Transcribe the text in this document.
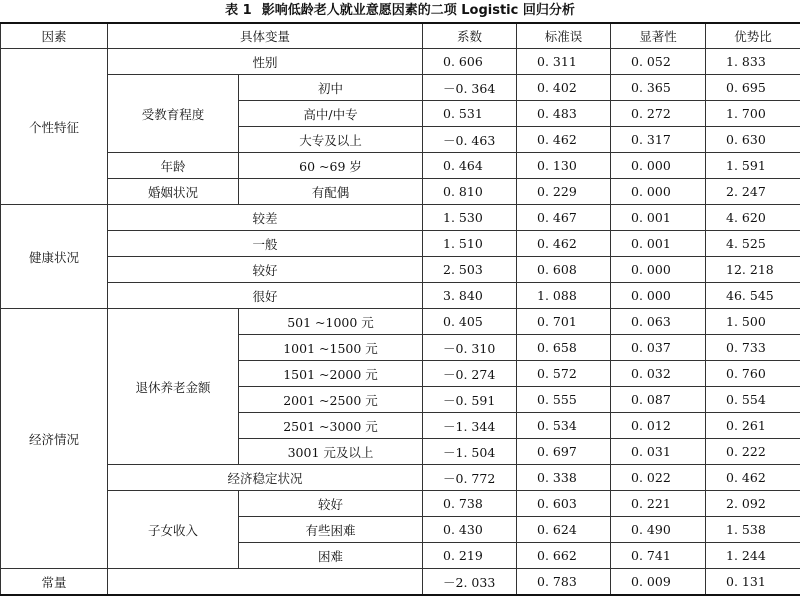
表 1 影响低龄老人就业意愿因素的二项 Logistic 回归分析
因素	具体变量		系数	标准误	显著性	优势比
个性特征	性别		0. 606	0. 311	0. 052	1. 833
	受教育程度	初中	－0. 364	0. 402	0. 365	0. 695
		高中/中专	0. 531	0. 483	0. 272	1. 700
		大专及以上	－0. 463	0. 462	0. 317	0. 630
	年龄	60 ~69 岁	0. 464	0. 130	0. 000	1. 591
	婚姻状况	有配偶	0. 810	0. 229	0. 000	2. 247
健康状况	较差		1. 530	0. 467	0. 001	4. 620
	一般		1. 510	0. 462	0. 001	4. 525
	较好		2. 503	0. 608	0. 000	12. 218
	很好		3. 840	1. 088	0. 000	46. 545
经济情况	退休养老金额	501 ~1000 元	0. 405	0. 701	0. 063	1. 500
		1001 ~1500 元	－0. 310	0. 658	0. 037	0. 733
		1501 ~2000 元	－0. 274	0. 572	0. 032	0. 760
		2001 ~2500 元	－0. 591	0. 555	0. 087	0. 554
		2501 ~3000 元	－1. 344	0. 534	0. 012	0. 261
		3001 元及以上	－1. 504	0. 697	0. 031	0. 222
	经济稳定状况		－0. 772	0. 338	0. 022	0. 462
	子女收入	较好	0. 738	0. 603	0. 221	2. 092
		有些困难	0. 430	0. 624	0. 490	1. 538
		困难	0. 219	0. 662	0. 741	1. 244
常量			－2. 033	0. 783	0. 009	0. 131
